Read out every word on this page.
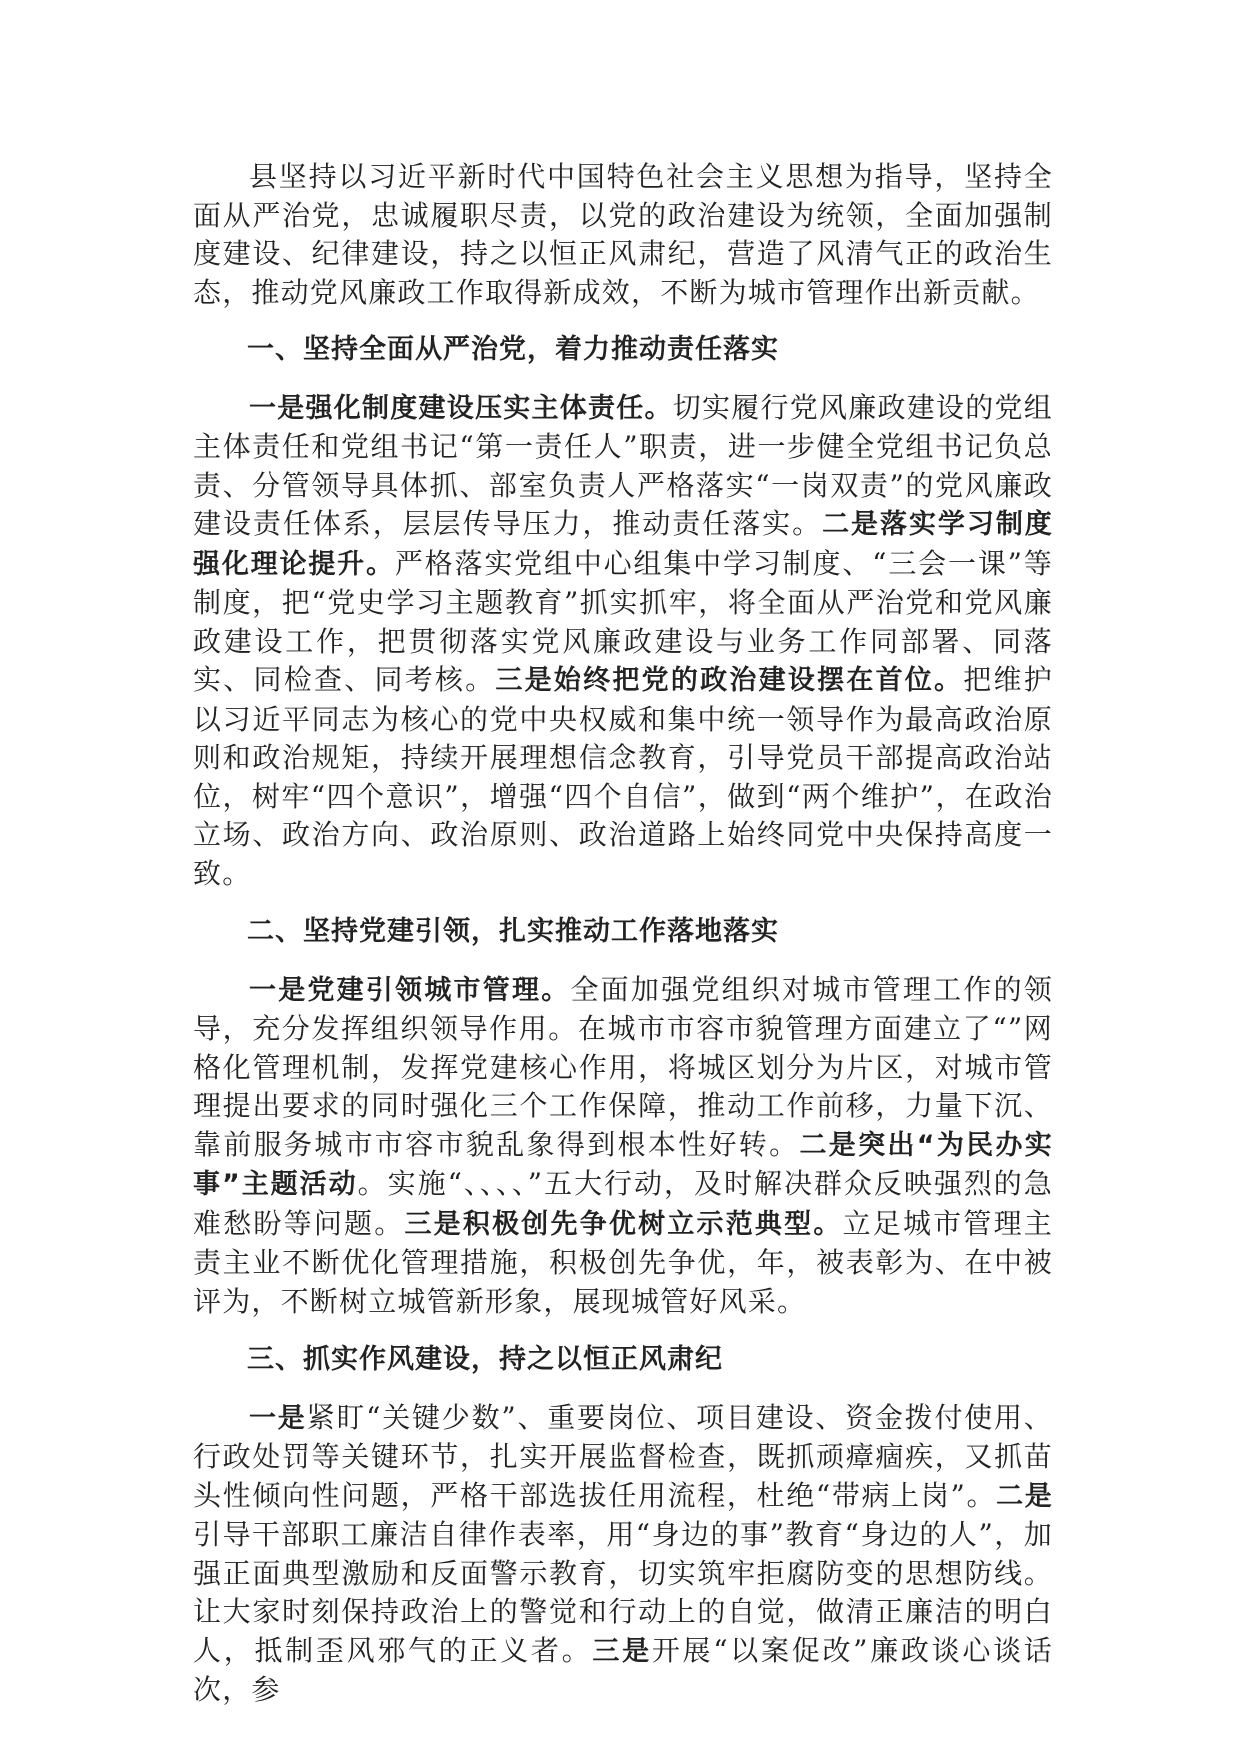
县坚持以习近平新时代中国特色社会主义思想为指导，坚持全面从严治党，忠诚履职尽责，以党的政治建设为统领，全面加强制度建设、纪律建设，持之以恒正风肃纪，营造了风清气正的政治生态，推动党风廉政工作取得新成效，不断为城市管理作出新贡献。

一、坚持全面从严治党，着力推动责任落实

一是强化制度建设压实主体责任。切实履行党风廉政建设的党组主体责任和党组书记“第一责任人”职责，进一步健全党组书记负总责、分管领导具体抓、部室负责人严格落实“一岗双责”的党风廉政建设责任体系，层层传导压力，推动责任落实。二是落实学习制度强化理论提升。严格落实党组中心组集中学习制度、“三会一课”等制度，把“党史学习主题教育”抓实抓牢，将全面从严治党和党风廉政建设工作，把贯彻落实党风廉政建设与业务工作同部署、同落实、同检查、同考核。三是始终把党的政治建设摆在首位。把维护以习近平同志为核心的党中央权威和集中统一领导作为最高政治原则和政治规矩，持续开展理想信念教育，引导党员干部提高政治站位，树牢“四个意识”，增强“四个自信”，做到“两个维护”，在政治立场、政治方向、政治原则、政治道路上始终同党中央保持高度一致。

二、坚持党建引领，扎实推动工作落地落实

一是党建引领城市管理。全面加强党组织对城市管理工作的领导，充分发挥组织领导作用。在城市市容市貌管理方面建立了“”网格化管理机制，发挥党建核心作用，将城区划分为片区，对城市管理提出要求的同时强化三个工作保障，推动工作前移，力量下沉、靠前服务城市市容市貌乱象得到根本性好转。二是突出“为民办实事”主题活动。实施“、、、、”五大行动，及时解决群众反映强烈的急难愁盼等问题。三是积极创先争优树立示范典型。立足城市管理主责主业不断优化管理措施，积极创先争优，年，被表彰为、在中被评为，不断树立城管新形象，展现城管好风采。

三、抓实作风建设，持之以恒正风肃纪

一是紧盯“关键少数”、重要岗位、项目建设、资金拨付使用、行政处罚等关键环节，扎实开展监督检查，既抓顽瘴痼疾，又抓苗头性倾向性问题，严格干部选拔任用流程，杜绝“带病上岗”。二是引导干部职工廉洁自律作表率，用“身边的事”教育“身边的人”，加强正面典型激励和反面警示教育，切实筑牢拒腐防变的思想防线。让大家时刻保持政治上的警觉和行动上的自觉，做清正廉洁的明白人，抵制歪风邪气的正义者。三是开展“以案促改”廉政谈心谈话次，参
